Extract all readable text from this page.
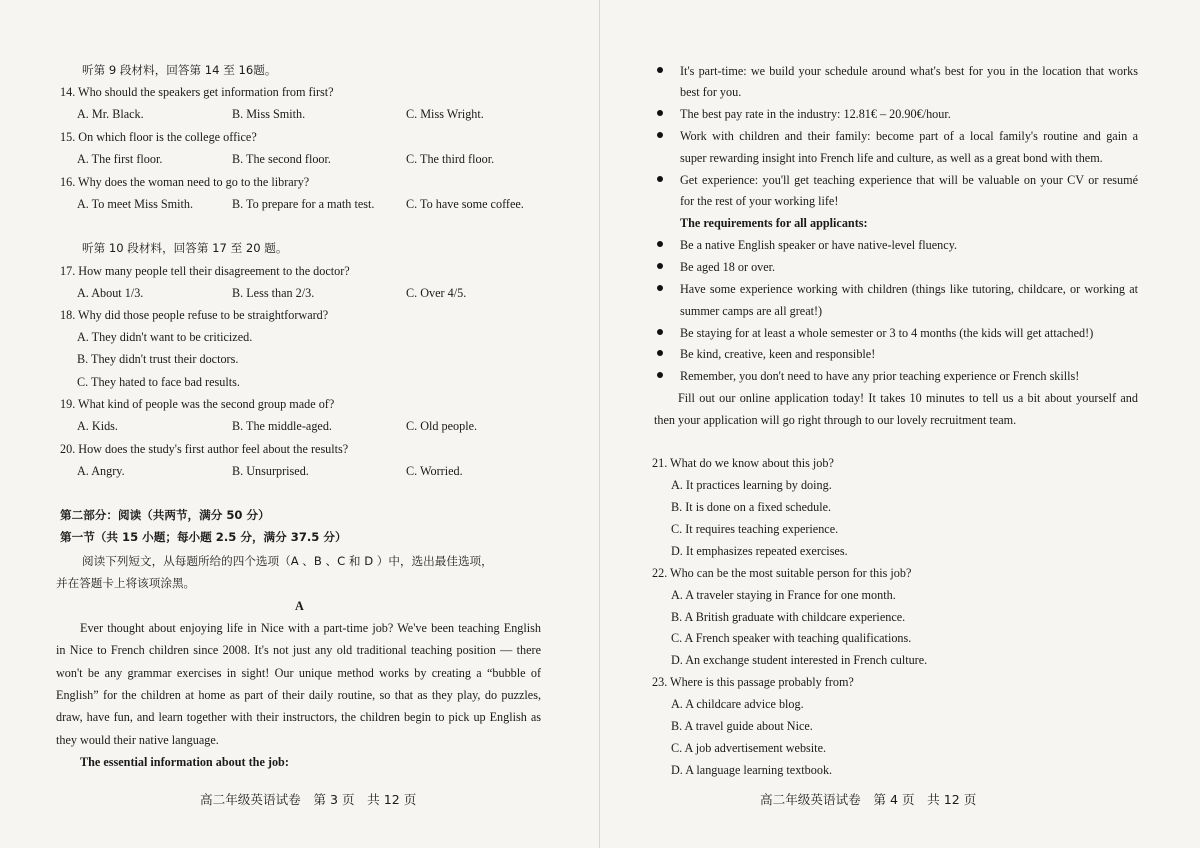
听第 9 段材料，回答第 14 至 16题。
14. Who should the speakers get information from first?
A. Mr. Black.	B. Miss Smith.	C. Miss Wright.
15. On which floor is the college office?
A. The first floor.	B. The second floor.	C. The third floor.
16. Why does the woman need to go to the library?
A. To meet Miss Smith.	B. To prepare for a math test.	C. To have some coffee.
听第 10 段材料，回答第 17 至 20 题。
17. How many people tell their disagreement to the doctor?
A. About 1/3.	B. Less than 2/3.	C. Over 4/5.
18. Why did those people refuse to be straightforward?
A. They didn't want to be criticized.
B. They didn't trust their doctors.
C. They hated to face bad results.
19. What kind of people was the second group made of?
A. Kids.	B. The middle-aged.	C. Old people.
20. How does the study's first author feel about the results?
A. Angry.	B. Unsurprised.	C. Worried.
第二部分：阅读（共两节，满分 50 分）
第一节（共 15 小题；每小题 2.5 分，满分 37.5 分）
阅读下列短文，从每题所给的四个选项（A 、B 、C 和 D ）中，选出最佳选项，
并在答题卡上将该项涂黑。
A
Ever thought about enjoying life in Nice with a part-time job? We've been teaching English
in Nice to French children since 2008. It's not just any old traditional teaching position — there
won't be any grammar exercises in sight! Our unique method works by creating a “bubble of
English” for the children at home as part of their daily routine, so that as they play, do puzzles,
draw, have fun, and learn together with their instructors, the children begin to pick up English as
they would their native language.
The essential information about the job:
高二年级英语试卷　第 3 页　共 12 页
It's part-time: we build your schedule around what's best for you in the location that works
best for you.
The best pay rate in the industry: 12.81€ – 20.90€/hour.
Work with children and their family: become part of a local family's routine and gain a
super rewarding insight into French life and culture, as well as a great bond with them.
Get experience: you'll get teaching experience that will be valuable on your CV or resumé
for the rest of your working life!
The requirements for all applicants:
Be a native English speaker or have native-level fluency.
Be aged 18 or over.
Have some experience working with children (things like tutoring, childcare, or working at
summer camps are all great!)
Be staying for at least a whole semester or 3 to 4 months (the kids will get attached!)
Be kind, creative, keen and responsible!
Remember, you don't need to have any prior teaching experience or French skills!
Fill out our online application today! It takes 10 minutes to tell us a bit about yourself and
then your application will go right through to our lovely recruitment team.
21. What do we know about this job?
A. It practices learning by doing.
B. It is done on a fixed schedule.
C. It requires teaching experience.
D. It emphasizes repeated exercises.
22. Who can be the most suitable person for this job?
A. A traveler staying in France for one month.
B. A British graduate with childcare experience.
C. A French speaker with teaching qualifications.
D. An exchange student interested in French culture.
23. Where is this passage probably from?
A. A childcare advice blog.
B. A travel guide about Nice.
C. A job advertisement website.
D. A language learning textbook.
高二年级英语试卷　第 4 页　共 12 页
